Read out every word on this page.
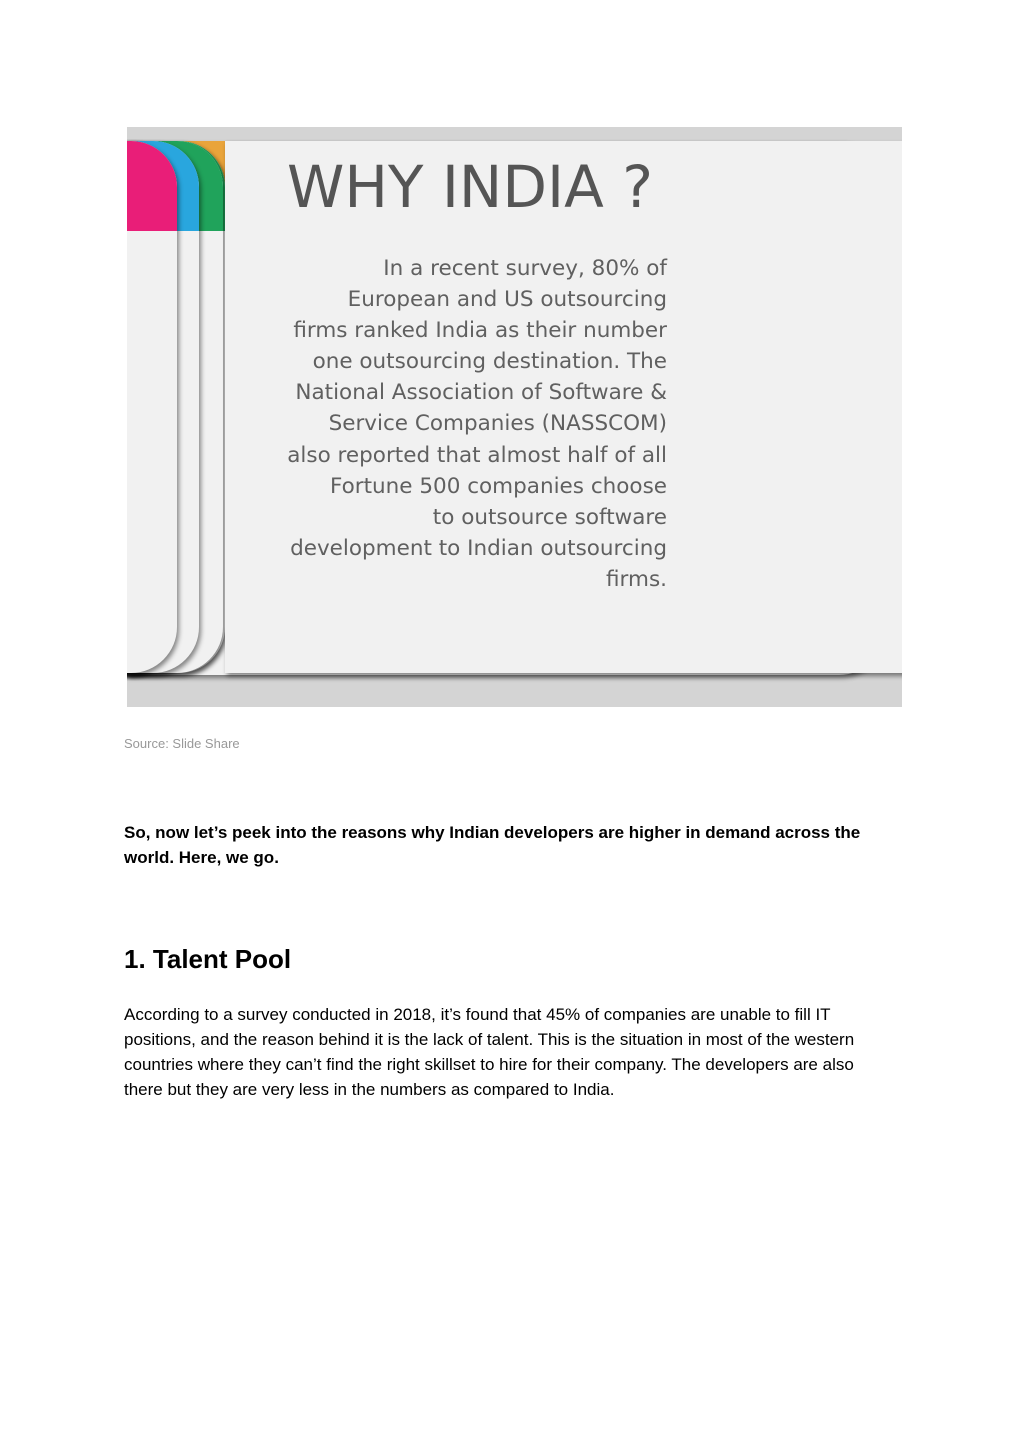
WHY INDIA ?
In a recent survey, 80% of
European and US outsourcing
firms ranked India as their number
one outsourcing destination. The
National Association of Software &
Service Companies (NASSCOM)
also reported that almost half of all
Fortune 500 companies choose
to outsource software
development to Indian outsourcing
firms.
Source: Slide Share

So, now let’s peek into the reasons why Indian developers are higher in demand across the world. Here, we go.

1. Talent Pool

According to a survey conducted in 2018, it’s found that 45% of companies are unable to fill IT positions, and the reason behind it is the lack of talent. This is the situation in most of the western countries where they can’t find the right skillset to hire for their company. The developers are also there but they are very less in the numbers as compared to India.
